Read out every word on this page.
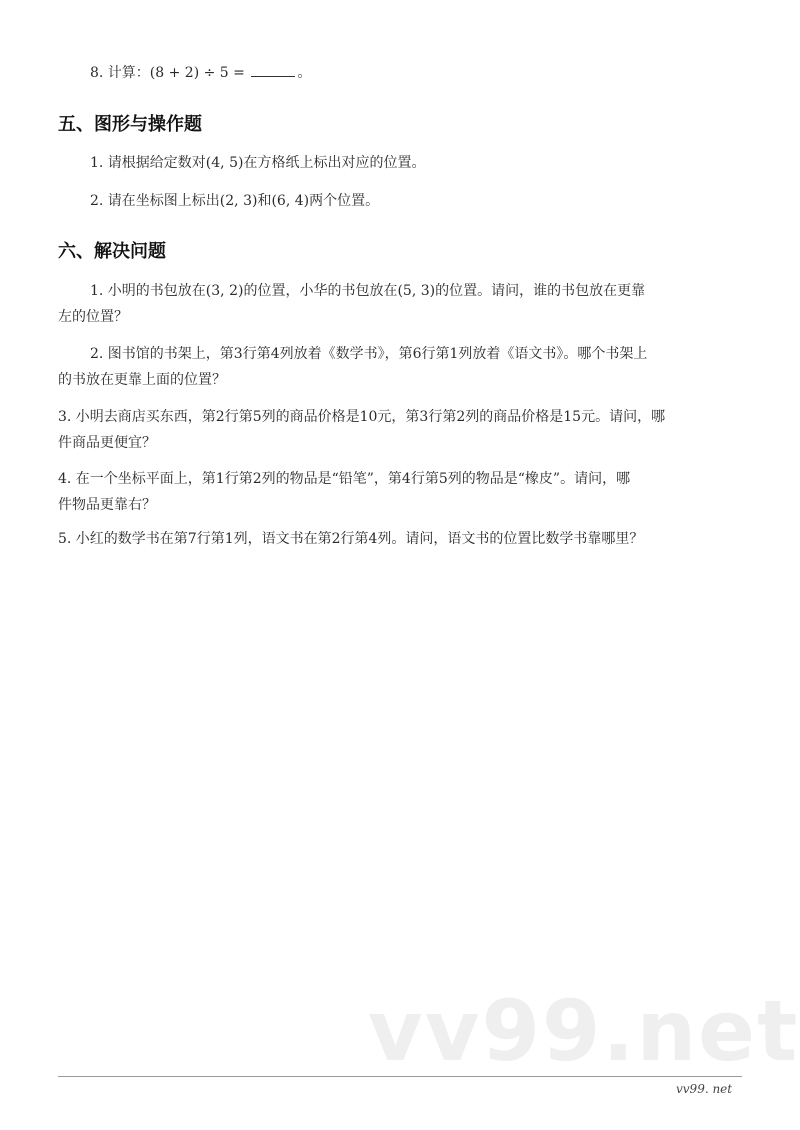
8. 计算：(8 + 2) ÷ 5 =	。
五、图形与操作题
1. 请根据给定数对(4, 5)在方格纸上标出对应的位置。
2. 请在坐标图上标出(2, 3)和(6, 4)两个位置。
六、解决问题
1. 小明的书包放在(3, 2)的位置，小华的书包放在(5, 3)的位置。请问，谁的书包放在更靠
左的位置？
2. 图书馆的书架上，第3行第4列放着《数学书》，第6行第1列放着《语文书》。哪个书架上
的书放在更靠上面的位置？
3. 小明去商店买东西，第2行第5列的商品价格是10元，第3行第2列的商品价格是15元。请问，哪
件商品更便宜？
4. 在一个坐标平面上，第1行第2列的物品是“铅笔”，第4行第5列的物品是“橡皮”。请问，哪
件物品更靠右？
5. 小红的数学书在第7行第1列，语文书在第2行第4列。请问，语文书的位置比数学书靠哪里？
vv99.net
vv99. net
